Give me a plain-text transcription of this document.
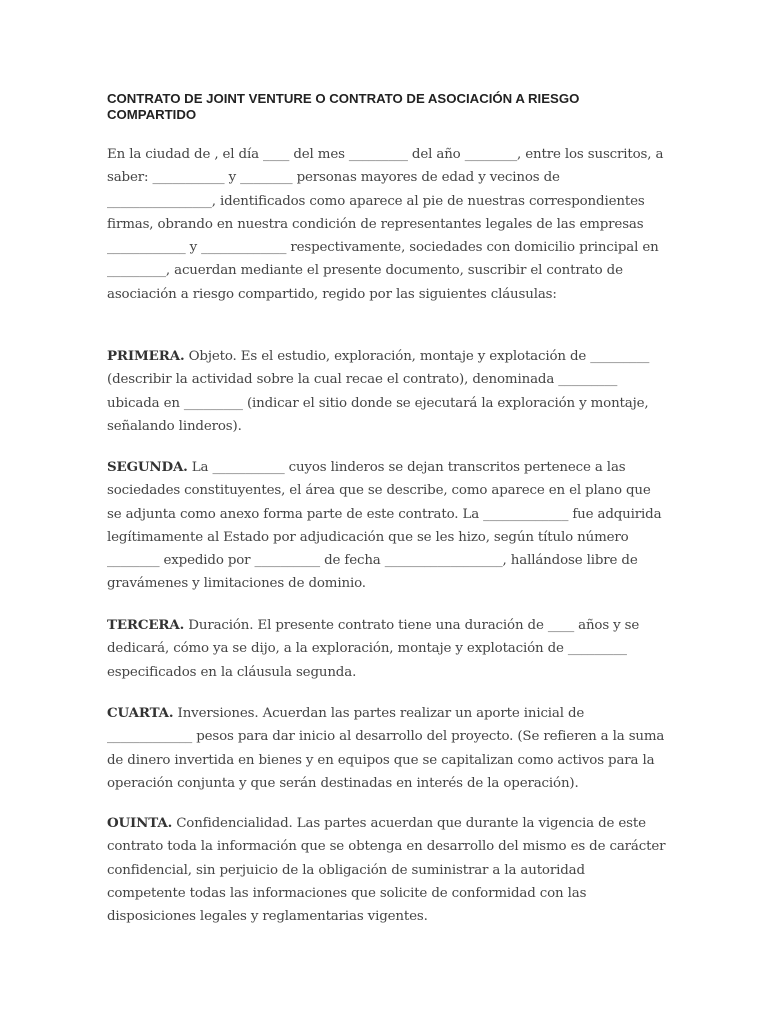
CONTRATO DE JOINT VENTURE O CONTRATO DE ASOCIACIÓN A RIESGO COMPARTIDO

En la ciudad de , el día ____ del mes _________ del año ________, entre los suscritos, a saber: ___________ y ________ personas mayores de edad y vecinos de ________________, identificados como aparece al pie de nuestras correspondientes firmas, obrando en nuestra condición de representantes legales de las empresas ____________ y _____________ respectivamente, sociedades con domicilio principal en _________, acuerdan mediante el presente documento, suscribir el contrato de asociación a riesgo compartido, regido por las siguientes cláusulas:

PRIMERA. Objeto. Es el estudio, exploración, montaje y explotación de _________ (describir la actividad sobre la cual recae el contrato), denominada _________ ubicada en _________ (indicar el sitio donde se ejecutará la exploración y montaje, señalando linderos).

SEGUNDA. La ___________ cuyos linderos se dejan transcritos pertenece a las sociedades constituyentes, el área que se describe, como aparece en el plano que se adjunta como anexo forma parte de este contrato. La _____________ fue adquirida legítimamente al Estado por adjudicación que se les hizo, según título número ________ expedido por __________ de fecha __________________, hallándose libre de gravámenes y limitaciones de dominio.

TERCERA. Duración. El presente contrato tiene una duración de ____ años y se dedicará, cómo ya se dijo, a la exploración, montaje y explotación de _________ especificados en la cláusula segunda.

CUARTA. Inversiones. Acuerdan las partes realizar un aporte inicial de _____________ pesos para dar inicio al desarrollo del proyecto. (Se refieren a la suma de dinero invertida en bienes y en equipos que se capitalizan como activos para la operación conjunta y que serán destinadas en interés de la operación).

OUINTA. Confidencialidad. Las partes acuerdan que durante la vigencia de este contrato toda la información que se obtenga en desarrollo del mismo es de carácter confidencial, sin perjuicio de la obligación de suministrar a la autoridad competente todas las informaciones que solicite de conformidad con las disposiciones legales y reglamentarias vigentes.
